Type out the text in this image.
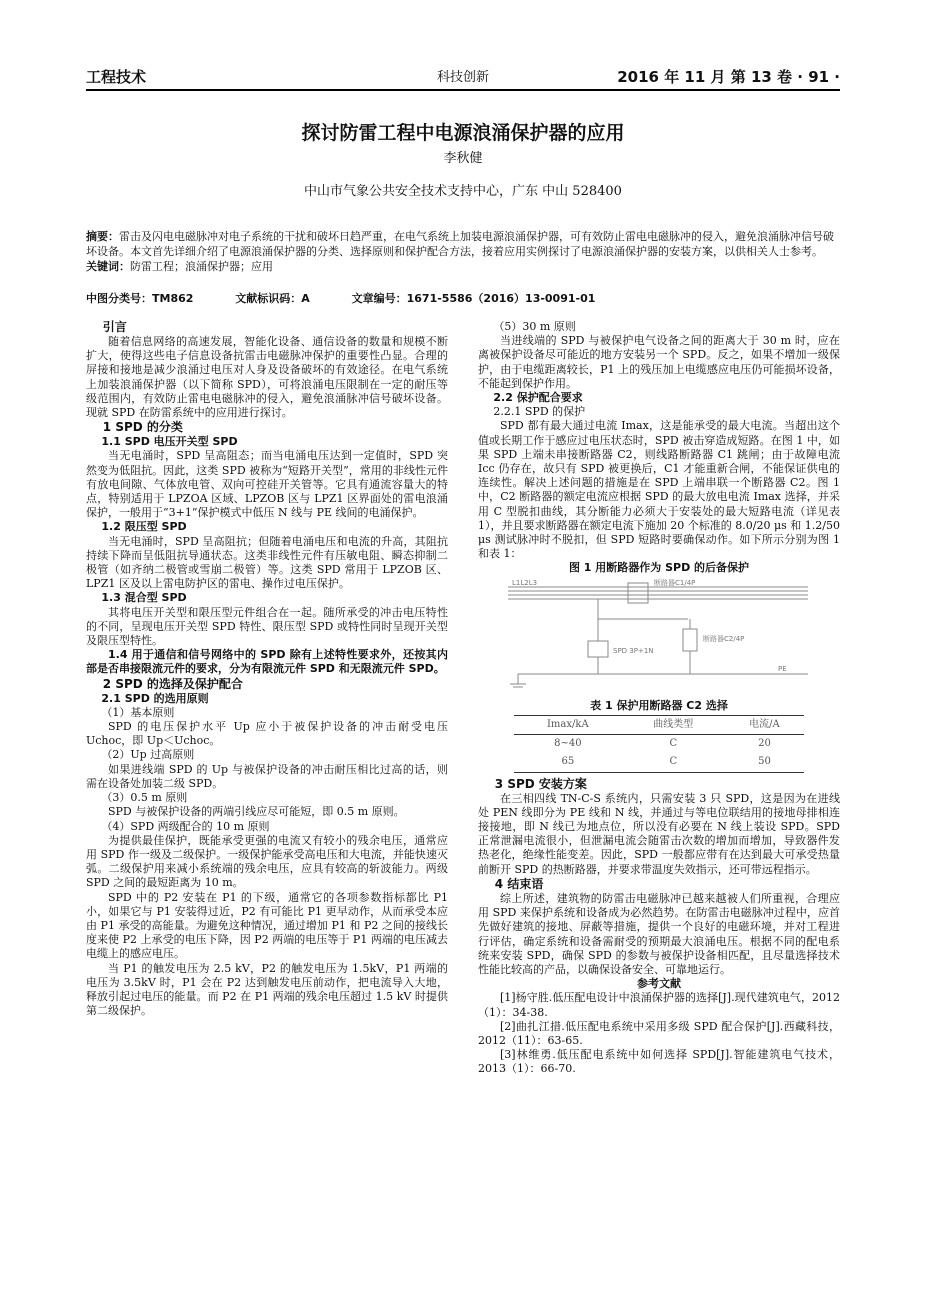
工程技术	科技创新	2016 年 11 月 第 13 卷 · 91 ·
探讨防雷工程中电源浪涌保护器的应用
李秋健
中山市气象公共安全技术支持中心，广东 中山 528400
摘要：雷击及闪电电磁脉冲对电子系统的干扰和破坏日趋严重，在电气系统上加装电源浪涌保护器，可有效防止雷电电磁脉冲的侵入，避免浪涌脉冲信号破坏设备。本文首先详细介绍了电源浪涌保护器的分类、选择原则和保护配合方法，接着应用实例探讨了电源浪涌保护器的安装方案，以供相关人士参考。
关键词：防雷工程；浪涌保护器；应用
中图分类号：TM862	文献标识码：A	文章编号：1671-5586（2016）13-0091-01
引言

随着信息网络的高速发展，智能化设备、通信设备的数量和规模不断扩大，使得这些电子信息设备抗雷击电磁脉冲保护的重要性凸显。合理的屏接和接地是减少浪涌过电压对人身及设备破坏的有效途径。在电气系统上加装浪涌保护器（以下简称 SPD），可将浪涌电压限制在一定的耐压等级范围内，有效防止雷电电磁脉冲的侵入，避免浪涌脉冲信号破坏设备。现就 SPD 在防雷系统中的应用进行探讨。

1 SPD 的分类
1.1 SPD 电压开关型 SPD

当无电涌时，SPD 呈高阻态；而当电涌电压达到一定值时，SPD 突然变为低阻抗。因此，这类 SPD 被称为“短路开关型”，常用的非线性元件有放电间隙、气体放电管、双向可控硅开关管等。它具有通流容量大的特点，特别适用于 LPZOA 区域、LPZOB 区与 LPZ1 区界面处的雷电浪涌保护，一般用于“3+1”保护模式中低压 N 线与 PE 线间的电涌保护。

1.2 限压型 SPD

当无电涌时，SPD 呈高阻抗；但随着电涌电压和电流的升高，其阻抗持续下降而呈低阻抗导通状态。这类非线性元件有压敏电阻、瞬态抑制二极管（如齐纳二极管或雪崩二极管）等。这类 SPD 常用于 LPZOB 区、LPZ1 区及以上雷电防护区的雷电、操作过电压保护。

1.3 混合型 SPD

其将电压开关型和限压型元件组合在一起。随所承受的冲击电压特性的不同，呈现电压开关型 SPD 特性、限压型 SPD 或特性同时呈现开关型及限压型特性。

1.4 用于通信和信号网络中的 SPD 除有上述特性要求外，还按其内部是否串接限流元件的要求，分为有限流元件 SPD 和无限流元件 SPD。

2 SPD 的选择及保护配合
2.1 SPD 的选用原则
（1）基本原则

SPD 的电压保护水平 Up 应小于被保护设备的冲击耐受电压 Uchoc，即 Up＜Uchoc。

（2）Up 过高原则

如果进线端 SPD 的 Up 与被保护设备的冲击耐压相比过高的话，则需在设备处加装二级 SPD。

（3）0.5 m 原则

SPD 与被保护设备的两端引线应尽可能短，即 0.5 m 原则。

（4）SPD 两级配合的 10 m 原则

为提供最佳保护，既能承受更强的电流又有较小的残余电压，通常应用 SPD 作一级及二级保护。一级保护能承受高电压和大电流，并能快速灭弧。二级保护用来减小系统端的残余电压，应具有较高的斩波能力。两级 SPD 之间的最短距离为 10 m。

SPD 中的 P2 安装在 P1 的下级，通常它的各项参数指标都比 P1 小，如果它与 P1 安装得过近，P2 有可能比 P1 更早动作，从而承受本应由 P1 承受的高能量。为避免这种情况，通过增加 P1 和 P2 之间的接线长度来使 P2 上承受的电压下降，因 P2 两端的电压等于 P1 两端的电压减去电缆上的感应电压。

当 P1 的触发电压为 2.5 kV，P2 的触发电压为 1.5kV，P1 两端的电压为 3.5kV 时，P1 会在 P2 达到触发电压前动作，把电流导入大地，释放引起过电压的能量。而 P2 在 P1 两端的残余电压超过 1.5 kV 时提供第二级保护。

（5）30 m 原则

当进线端的 SPD 与被保护电气设备之间的距离大于 30 m 时，应在离被保护设备尽可能近的地方安装另一个 SPD。反之，如果不增加一级保护，由于电缆距离较长，P1 上的残压加上电缆感应电压仍可能损坏设备，不能起到保护作用。

2.2 保护配合要求
2.2.1 SPD 的保护

SPD 都有最大通过电流 Imax，这是能承受的最大电流。当超出这个值或长期工作于感应过电压状态时，SPD 被击穿造成短路。在图 1 中，如果 SPD 上端未串接断路器 C2，则线路断路器 C1 跳闸；由于故障电流 Icc 仍存在，故只有 SPD 被更换后，C1 才能重新合闸，不能保证供电的连续性。解决上述问题的措施是在 SPD 上端串联一个断路器 C2。图 1 中，C2 断路器的额定电流应根据 SPD 的最大放电电流 Imax 选择，并采用 C 型脱扣曲线，其分断能力必须大于安装处的最大短路电流（详见表 1），并且要求断路器在额定电流下施加 20 个标准的 8.0/20 μs 和 1.2/50 μs 测试脉冲时不脱扣，但 SPD 短路时要确保动作。如下所示分别为图 1 和表 1：

图 1 用断路器作为 SPD 的后备保护
L1L2L3	断路器C1/4P
断路器C2/4P
SPD 3P+1N
PE
表 1 保护用断路器 C2 选择
Imax/kA	曲线类型	电流/A
8~40	C	20
65	C	50
3 SPD 安装方案

在三相四线 TN-C-S 系统内，只需安装 3 只 SPD，这是因为在进线处 PEN 线即分为 PE 线和 N 线，并通过与等电位联结用的接地母排相连接接地，即 N 线已为地点位，所以没有必要在 N 线上装设 SPD。SPD 正常泄漏电流很小，但泄漏电流会随雷击次数的增加而增加，导致器件发热老化，绝缘性能变差。因此，SPD 一般都应带有在达到最大可承受热量前断开 SPD 的热断路器，并要求带温度失效指示，还可带远程指示。

4 结束语

综上所述，建筑物的防雷击电磁脉冲已越来越被人们所重视，合理应用 SPD 来保护系统和设备成为必然趋势。在防雷击电磁脉冲过程中，应首先做好建筑的接地、屏蔽等措施，提供一个良好的电磁环境，并对工程进行评估，确定系统和设备需耐受的预期最大浪涌电压。根据不同的配电系统来安装 SPD，确保 SPD 的参数与被保护设备相匹配，且尽量选择技术性能比较高的产品，以确保设备安全、可靠地运行。

参考文献

[1]杨守胜.低压配电设计中浪涌保护器的选择[J].现代建筑电气，2012（1）：34-38.

[2]曲扎江措.低压配电系统中采用多级 SPD 配合保护[J].西藏科技，2012（11）：63-65.

[3]林维勇.低压配电系统中如何选择 SPD[J].智能建筑电气技术，2013（1）：66-70.
